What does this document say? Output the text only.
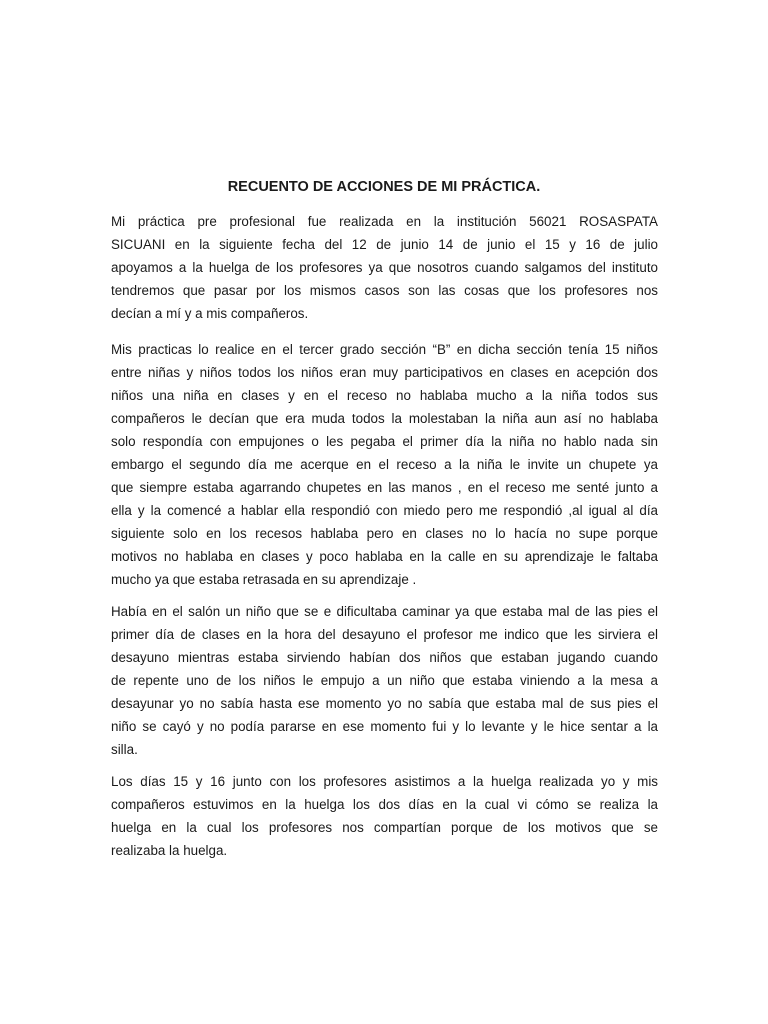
RECUENTO DE ACCIONES DE MI PRÁCTICA.
Mi práctica pre profesional fue realizada en la institución 56021 ROSASPATA
SICUANI en la siguiente fecha del 12 de junio 14 de junio el 15 y 16 de julio
apoyamos a la huelga de los profesores ya que nosotros cuando salgamos del instituto
tendremos que pasar por los mismos casos son las cosas que los profesores nos
decían a mí y a mis compañeros.
Mis practicas lo realice en el tercer grado sección “B” en dicha sección tenía 15 niños
entre niñas y niños todos los niños eran muy participativos en clases en acepción dos
niños una niña en clases y en el receso no hablaba mucho a la niña todos sus
compañeros le decían que era muda todos la molestaban la niña aun así no hablaba
solo respondía con empujones o les pegaba el primer día la niña no hablo nada sin
embargo el segundo día me acerque en el receso a la niña le invite un chupete ya
que siempre estaba agarrando chupetes en las manos , en el receso me senté junto a
ella y la comencé a hablar ella respondió con miedo pero me respondió ,al igual al día
siguiente solo en los recesos hablaba pero en clases no lo hacía no supe porque
motivos no hablaba en clases y poco hablaba en la calle en su aprendizaje le faltaba
mucho ya que estaba retrasada en su aprendizaje .
Había en el salón un niño que se e dificultaba caminar ya que estaba mal de las pies el
primer día de clases en la hora del desayuno el profesor me indico que les sirviera el
desayuno mientras estaba sirviendo habían dos niños que estaban jugando cuando
de repente uno de los niños le empujo a un niño que estaba viniendo a la mesa a
desayunar yo no sabía hasta ese momento yo no sabía que estaba mal de sus pies el
niño se cayó y no podía pararse en ese momento fui y lo levante y le hice sentar a la
silla.
Los días 15 y 16 junto con los profesores asistimos a la huelga realizada yo y mis
compañeros estuvimos en la huelga los dos días en la cual vi cómo se realiza la
huelga en la cual los profesores nos compartían porque de los motivos que se
realizaba la huelga.
